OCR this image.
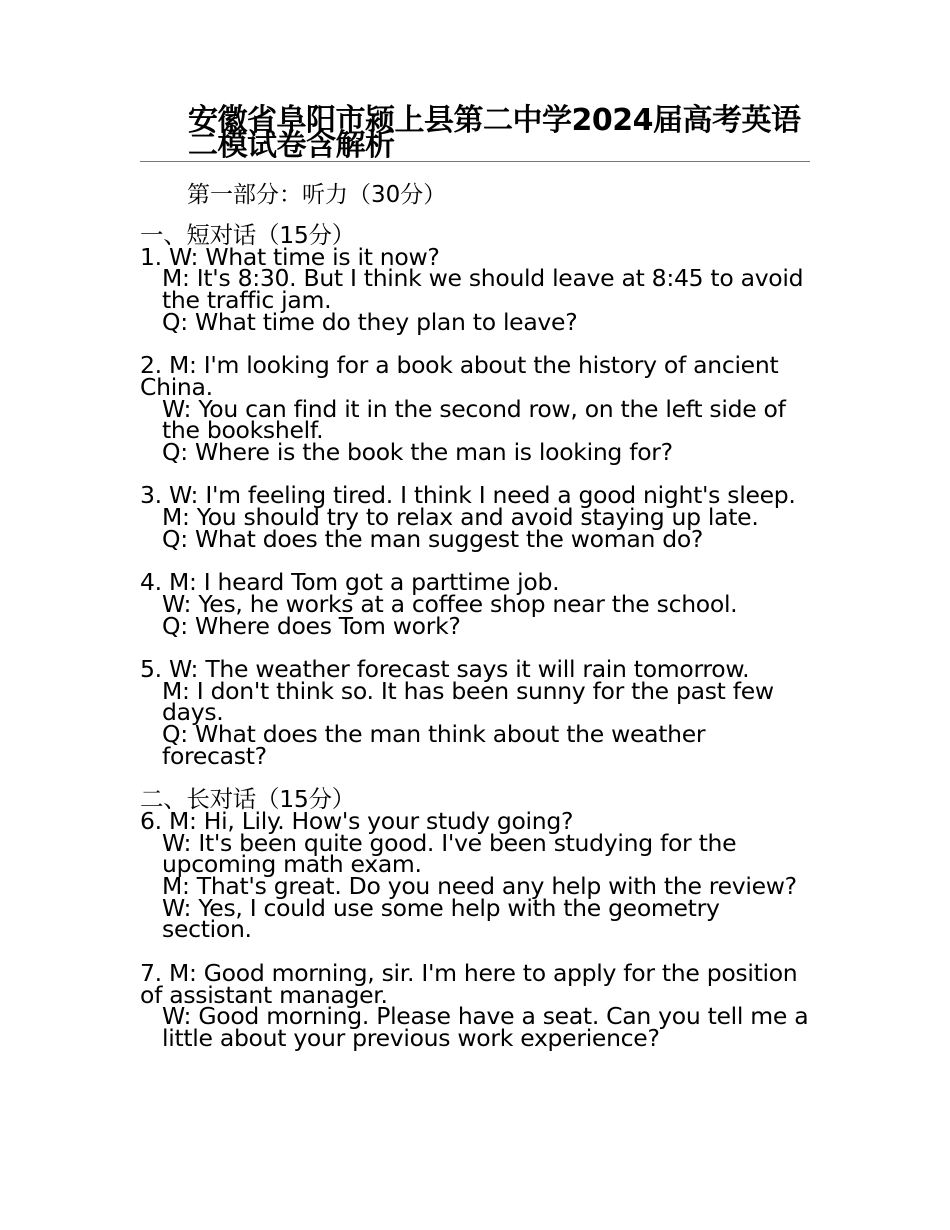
安徽省阜阳市颍上县第二中学2024届高考英语二模试卷含解析
第一部分：听力（30分）
一、短对话（15分）
1. W: What time is it now?
M: It's 8:30. But I think we should leave at 8:45 to avoid the traffic jam.
Q: What time do they plan to leave?
2. M: I'm looking for a book about the history of ancient China.
W: You can find it in the second row, on the left side of the bookshelf.
Q: Where is the book the man is looking for?
3. W: I'm feeling tired. I think I need a good night's sleep.
M: You should try to relax and avoid staying up late.
Q: What does the man suggest the woman do?
4. M: I heard Tom got a parttime job.
W: Yes, he works at a coffee shop near the school.
Q: Where does Tom work?
5. W: The weather forecast says it will rain tomorrow.
M: I don't think so. It has been sunny for the past few days.
Q: What does the man think about the weather forecast?
二、长对话（15分）
6. M: Hi, Lily. How's your study going?
W: It's been quite good. I've been studying for the upcoming math exam.
M: That's great. Do you need any help with the review?
W: Yes, I could use some help with the geometry section.
7. M: Good morning, sir. I'm here to apply for the position of assistant manager.
W: Good morning. Please have a seat. Can you tell me a little about your previous work experience?
